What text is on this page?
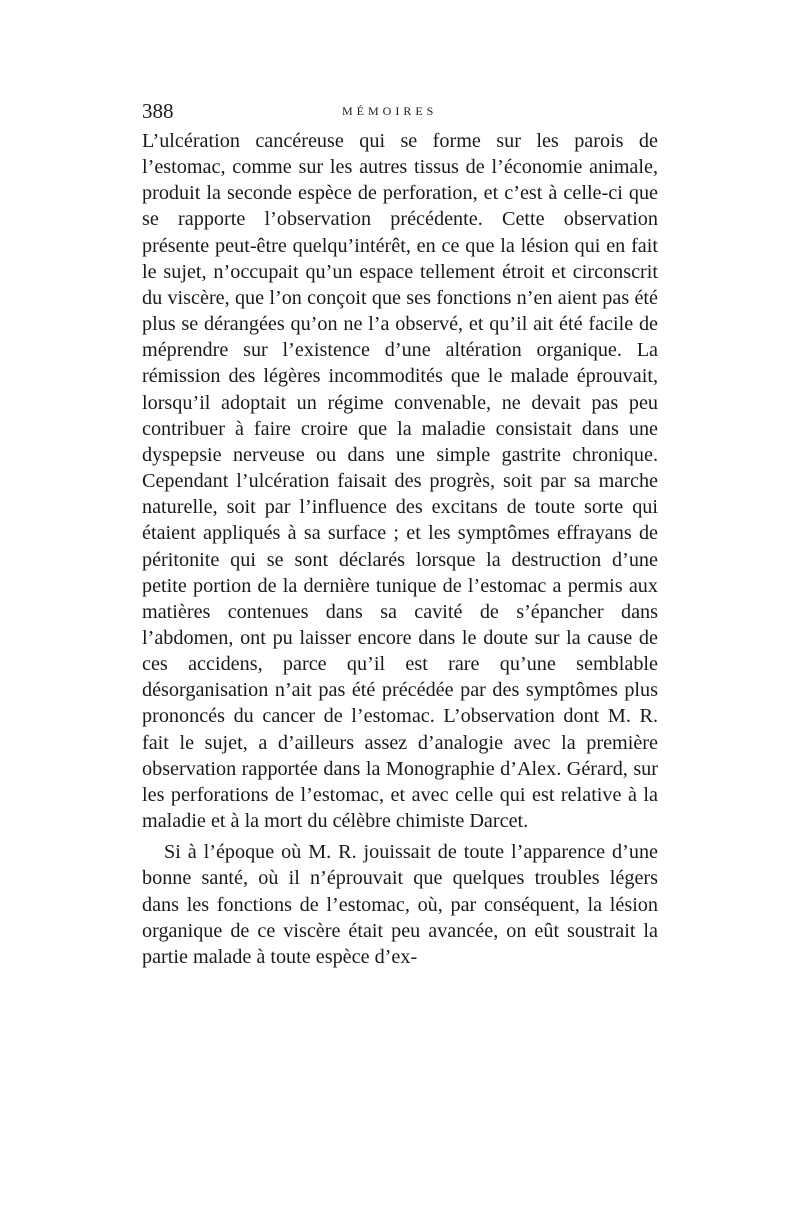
388	MÉMOIRES

L’ulcération cancéreuse qui se forme sur les parois de l’estomac, comme sur les autres tissus de l’économie animale, produit la seconde espèce de perforation, et c’est à celle-ci que se rapporte l’observation précédente. Cette observation présente peut-être quelqu’intérêt, en ce que la lésion qui en fait le sujet, n’occupait qu’un espace tellement étroit et circonscrit du viscère, que l’on conçoit que ses fonctions n’en aient pas été plus se dérangées qu’on ne l’a observé, et qu’il ait été facile de méprendre sur l’existence d’une altération organique. La rémission des légères incommodités que le malade éprouvait, lorsqu’il adoptait un régime convenable, ne devait pas peu contribuer à faire croire que la maladie consistait dans une dyspepsie nerveuse ou dans une simple gastrite chronique. Cependant l’ulcération faisait des progrès, soit par sa marche naturelle, soit par l’influence des excitans de toute sorte qui étaient appliqués à sa surface ; et les symptômes effrayans de péritonite qui se sont déclarés lorsque la destruction d’une petite portion de la dernière tunique de l’estomac a permis aux matières contenues dans sa cavité de s’épancher dans l’abdomen, ont pu laisser encore dans le doute sur la cause de ces accidens, parce qu’il est rare qu’une semblable désorganisation n’ait pas été précédée par des symptômes plus prononcés du cancer de l’estomac. L’observation dont M. R. fait le sujet, a d’ailleurs assez d’analogie avec la première observation rapportée dans la Monographie d’Alex. Gérard, sur les perforations de l’estomac, et avec celle qui est relative à la maladie et à la mort du célèbre chimiste Darcet.

Si à l’époque où M. R. jouissait de toute l’apparence d’une bonne santé, où il n’éprouvait que quelques troubles légers dans les fonctions de l’estomac, où, par conséquent, la lésion organique de ce viscère était peu avancée, on eût soustrait la partie malade à toute espèce d’ex-
